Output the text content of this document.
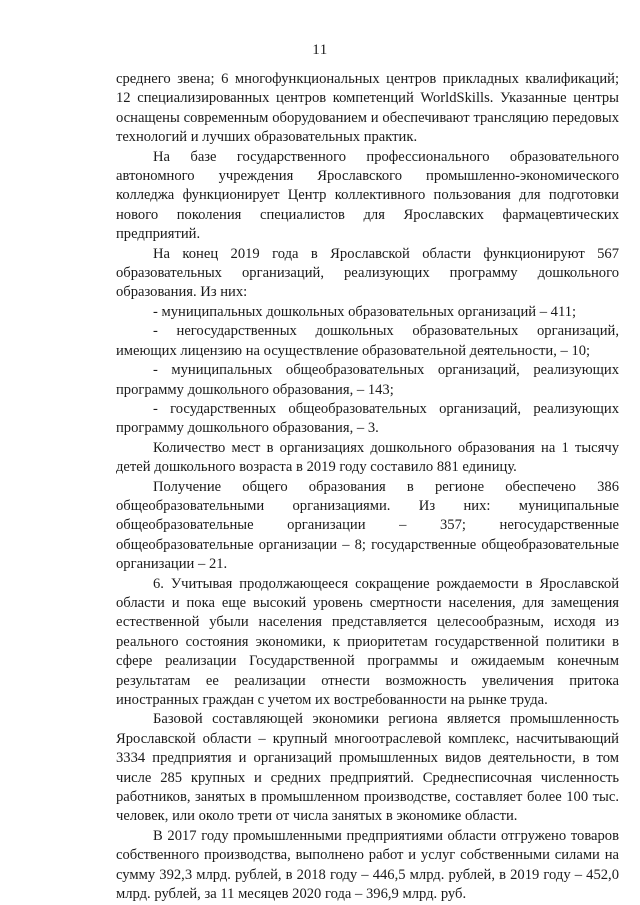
11

среднего звена; 6 многофункциональных центров прикладных квалификаций; 12 специализированных центров компетенций WorldSkills. Указанные центры оснащены современным оборудованием и обеспечивают трансляцию передовых технологий и лучших образовательных практик.

На базе государственного профессионального образовательного автономного учреждения Ярославского промышленно-экономического колледжа функционирует Центр коллективного пользования для подготовки нового поколения специалистов для Ярославских фармацевтических предприятий.

На конец 2019 года в Ярославской области функционируют 567 образовательных организаций, реализующих программу дошкольного образования. Из них:

- муниципальных дошкольных образовательных организаций – 411;

- негосударственных дошкольных образовательных организаций, имеющих лицензию на осуществление образовательной деятельности, – 10;

- муниципальных общеобразовательных организаций, реализующих программу дошкольного образования, – 143;

- государственных общеобразовательных организаций, реализующих программу дошкольного образования, – 3.

Количество мест в организациях дошкольного образования на 1 тысячу детей дошкольного возраста в 2019 году составило 881 единицу.

Получение общего образования в регионе обеспечено 386 общеобразовательными организациями. Из них: муниципальные общеобразовательные организации – 357; негосударственные общеобразовательные организации – 8; государственные общеобразовательные организации – 21.

6. Учитывая продолжающееся сокращение рождаемости в Ярославской области и пока еще высокий уровень смертности населения, для замещения естественной убыли населения представляется целесообразным, исходя из реального состояния экономики, к приоритетам государственной политики в сфере реализации Государственной программы и ожидаемым конечным результатам ее реализации отнести возможность увеличения притока иностранных граждан с учетом их востребованности на рынке труда.

Базовой составляющей экономики региона является промышленность Ярославской области – крупный многоотраслевой комплекс, насчитывающий 3334 предприятия и организаций промышленных видов деятельности, в том числе 285 крупных и средних предприятий. Среднесписочная численность работников, занятых в промышленном производстве, составляет более 100 тыс. человек, или около трети от числа занятых в экономике области.

В 2017 году промышленными предприятиями области отгружено товаров собственного производства, выполнено работ и услуг собственными силами на сумму 392,3 млрд. рублей, в 2018 году – 446,5 млрд. рублей, в 2019 году – 452,0 млрд. рублей, за 11 месяцев 2020 года – 396,9 млрд. руб.
